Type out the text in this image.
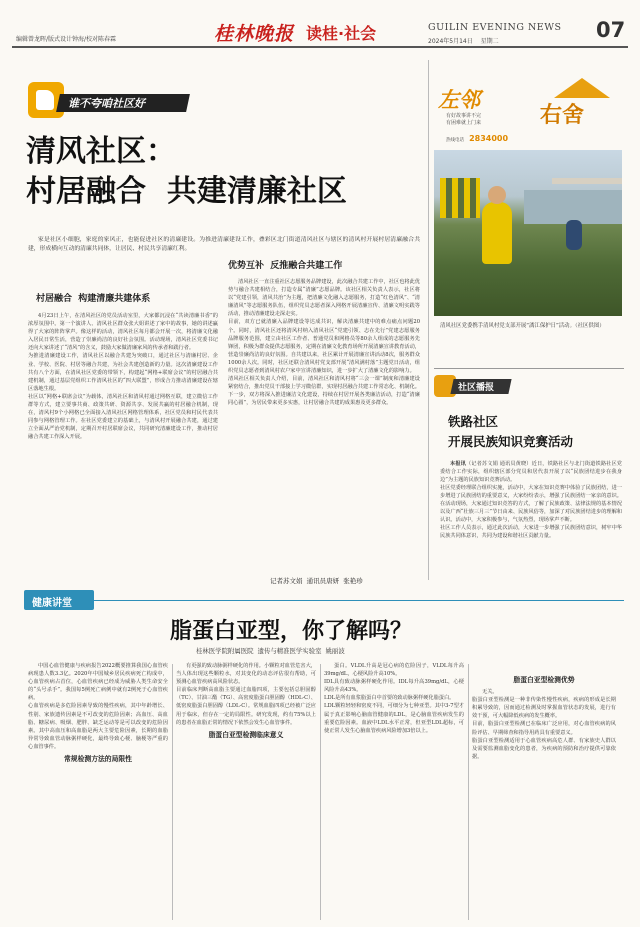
编辑曾龙晖/版式设计钟海/校对陈春霖	桂林晚报 读桂·社会	GUILIN EVENING NEWS
2024年5月14日 星期二	07
谁不夸咱社区好
清风社区：
村居融合  共建清廉社区

家是社区小细胞，家庭的家风正，也能促进社区的清廉建设。为推进清廉建设工作，叠彩区北门街道清风社区与辖区的清风村开展村居清廉融合共建，形成横向互动的清廉共同体，让居民、村民共享清廉红利。

村居融合  构建清廉共建体系

4月23日上午，在清风社区的党员活动室里，大家都沉浸在“共读清廉书香”的浓厚氛围中。第一个演讲人、清风社区群众张大姐讲述了家中的故事，她的讲述赢得了大家的阵阵掌声。像这样的活动，清风社区每月都会开展一次，将清廉文化融入居民日常生活，营造了崇廉尚洁的良好社会氛围。活动现场，清风社区党委书记还向大家讲述了“清风”的含义，鼓励大家做清廉家风的传承者和践行者。
为推进清廉建设工作，清风社区以融合共建为突破口，通过社区与清廉村居、企业、学校、医院、村居等融合共建，为社会共建创造新的力量。这次清廉建设工作共有八个方面，在清风社区党委的带领下，构建起“网格+联席会议”的村居融合共建机制，通过基层党组织工作清风社区的“四大联盟”，形成合力推动清廉建设在辖区落地生根。
社区以“网格+联席会议”为载体，清风社区和清风村通过网格互联，建立微信工作群等方式，建立要事共商、政策共研、资源共享、发展共赢的村居融合机制，现在，清风村9个小网格已全面接入清风社区网格管理体系，社区党员和村民代表共同参与网格管理工作。在社区党委建立的基础上，与清风村开展融合共建，通过建立全面从严治党机制，定期召开村居联席会议，共同研究清廉建设工作，推动村居融合共建工作深入开展。

优势互补  反推融合共建工作

清风社区一直注重社区志愿服务品牌建设，此次融合共建工作中，社区也将此优势与融合共建相结合，打造专属“清廉”志愿品牌。该社区相关负责人表示，社区将以“党建引领，清风共治”为主题，把清廉文化融入志愿服务，打造“红色清风”、“清廉清风”等志愿服务队伍，组织党员志愿者深入网格开展清廉宣传、清廉文明实践等活动，推动清廉建设走深走实。
目前，双方已就清廉入品牌建设等达成共识，解决清廉共建中的难点痛点问题20个。同时，清风社区还将清风村纳入清风社区“党建引领、志在先行”党建志愿服务品牌服务范围，建立由社区工作者、普通党员和网格员等80余人组成的志愿服务先锋团，积极为群众提供志愿服务，定期在清廉文化教育场所开展清廉宣讲教育活动，营造崇廉尚洁的良好氛围。自共建以来，社区累计开展清廉宣讲活动8次，服务群众1000余人次。同时，社区还联合清风村党支部开展“清风满村落”主题党日活动，组织党员志愿者到清风村农户家中宣讲清廉知识，进一步扩大了清廉文化的影响力。
清风社区相关负责人介绍，目前，清风社区和清风村将“三会一课”制度和清廉建设紧密结合，推出党员干部接上学习微信群，实现村居融合共建工作常态化、机制化。下一步，双方将深入推进廉洁文化建设，持续在村居开展各类廉洁活动，打造“清廉同心圆”，为居民带来更多实惠，让村居融合共建的成果惠及更多群众。

记者苏文娟  通讯员唐妍  张艳珍
左邻
右舍
有好故事讲不完
有困难就上门来
热线电话 2834000
清风社区党委携手清风村党支部开展“漓江保护日”活动。（社区供图）
社区播报
铁路社区
开展民族知识竞赛活动

本报讯（记者苏文娟 通讯员黄晓）近日，铁路社区与北门街道铁路社区党委结合工作实际，组织辖区部分党员和居代表开展了以“民族团结进步在我身边”为主题的民族知识竞赛活动。
社区党委经理联合组织实施，活动中，大家在知识竞赛中体验了民族团结，进一步增进了民族团结的重要意义，大家纷纷表示，增强了民族团结一家亲的意识。在活动现场，大家通过知识竞答的方式，了解了民族政策、法律法规的基本情况以及广西“壮族三月三”节日由来、民族风俗等，加深了对民族团结进步的理解和认识。活动中，大家积极参与，气氛热烈，现场掌声不断。
社区工作人员表示，通过此次活动，大家进一步增强了民族团结意识，树牢中华民族共同体意识，共同为建设和谐社区贡献力量。

健康讲堂
脂蛋白亚型，你了解吗？
桂林医学院附属医院  遗传与精准医学实验室  姚丽波

中国心血管健康与疾病报告2022概要推算我国心血管疾病现患人数3.3亿。2020年中国城乡居民疾病死亡构成中，心血管疾病占首位，心血管疾病已经成为威胁人类生命安全的“头号杀手”。我国每5例死亡病例中就有2例死于心血管疾病。
心血管疾病是多危险因素导致的慢性疾病，其中年龄增长、性别、家族遗传因素是不可改变的危险因素；高血压、高血脂、糖尿病、吸烟、肥胖、缺乏运动等是可以改变的危险因素。其中高血压和高血脂是两大主要危险因素，长期的血脂异常导致血管动脉粥样硬化，最终导致心梗、脑梗等严重的心血管事件。

常规检测方法的局限性

有更强的致动脉粥样硬化的作用。小颗粒对血管危害大，当人体出现这些颗粒水，对其变化的动态评估很有帮助，可预测心血管疾病高风险状态。
目前临床判断高血脂主要通过血脂四项，主要包括总胆固醇（TC）、甘油三酯（TG）、高密度脂蛋白胆固醇（HDL-C）、低密度脂蛋白胆固醇（LDL-C）。常规血脂四项已经被广泛应用于临床，但存在一定的局限性。研究发现，约有75%以上的患者在血脂正常的情况下依然会发生心血管事件。

脂蛋白亚型检测临床意义

蛋白。VLDL升高是冠心病的危险因子，VLDL每升高39mg/dL，心梗风险升高10%。
IDL具有致动脉粥样硬化作用。IDL每升高39mg/dL，心梗风险升高43%。
LDL是所有血浆脂蛋白中首要的致动脉粥样硬化脂蛋白。
LDL颗粒轻轻和密度不同，可细分为七种亚型。其中3-7型才属于真正影响心脑血管健康的LDL，是心脑血管疾病发生的重要危险因素。血液中LDL水平正常，但亚型LDL超标，可使正常人发生心脑血管疾病风险增加3倍以上。

脂蛋白亚型检测优势

无关。
脂蛋白亚型检测是一种非传染性慢性疾病，疾病的形成是长期积累导致的，因而通过检测及时掌握血管状态的发展，进行有效干预，可大幅降低疾病的发生概率。
目前，脂蛋白亚型检测已在临床广泛应用，对心血管疾病的风险评估、早期筛查和指导用药具有重要意义。
脂蛋白亚型检测适用于心血管疾病高危人群、有家族史人群以及需要监测血脂变化的患者，为疾病的预防和治疗提供可靠依据。
